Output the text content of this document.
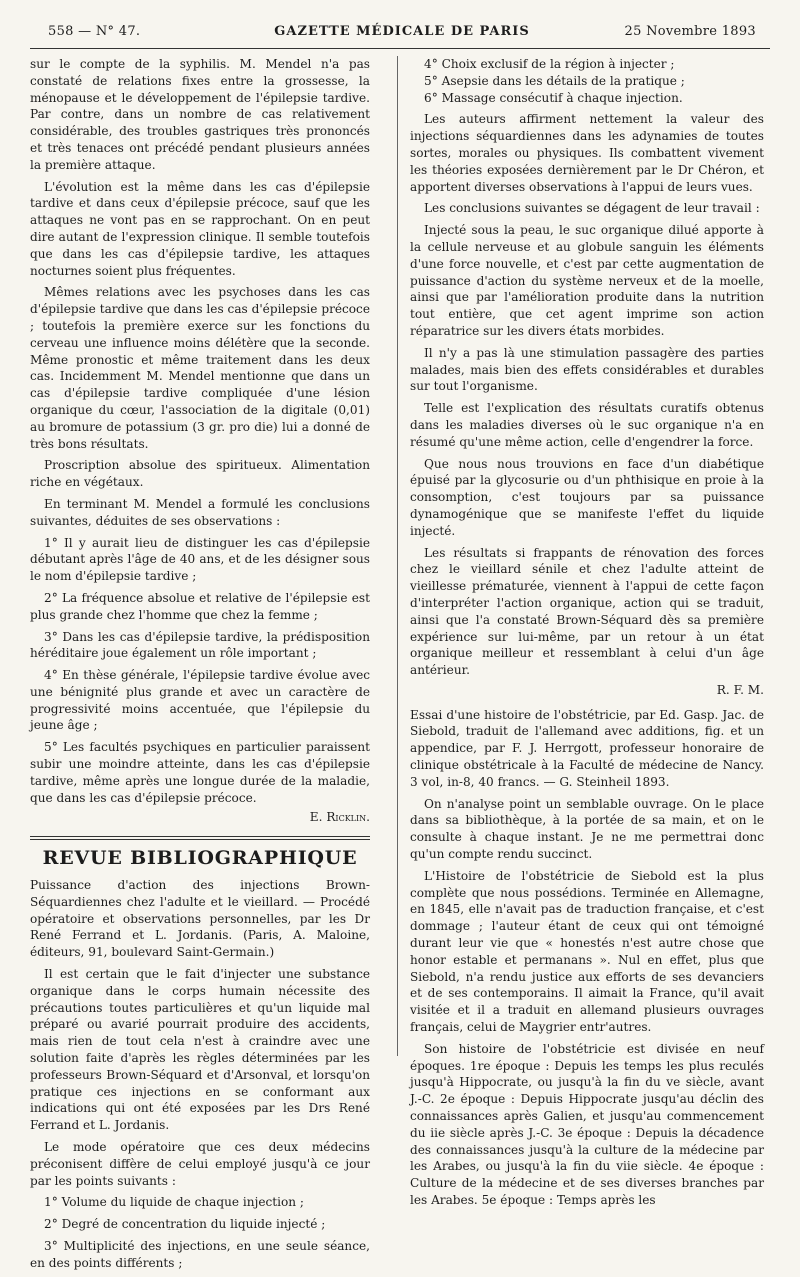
558 — N° 47.	GAZETTE MÉDICALE DE PARIS	25 Novembre 1893

sur le compte de la syphilis. M. Mendel n'a pas constaté de relations fixes entre la grossesse, la ménopause et le développement de l'épilepsie tardive. Par contre, dans un nombre de cas relativement considérable, des troubles gastriques très prononcés et très tenaces ont précédé pendant plusieurs années la première attaque.

L'évolution est la même dans les cas d'épilepsie tardive et dans ceux d'épilepsie précoce, sauf que les attaques ne vont pas en se rapprochant. On en peut dire autant de l'expression clinique. Il semble toutefois que dans les cas d'épilepsie tardive, les attaques nocturnes soient plus fréquentes.

Mêmes relations avec les psychoses dans les cas d'épilepsie tardive que dans les cas d'épilepsie précoce ; toutefois la première exerce sur les fonctions du cerveau une influence moins délétère que la seconde. Même pronostic et même traitement dans les deux cas. Incidemment M. Mendel mentionne que dans un cas d'épilepsie tardive compliquée d'une lésion organique du cœur, l'association de la digitale (0,01) au bromure de potassium (3 gr. pro die) lui a donné de très bons résultats.

Proscription absolue des spiritueux. Alimentation riche en végétaux.

En terminant M. Mendel a formulé les conclusions suivantes, déduites de ses observations :

1° Il y aurait lieu de distinguer les cas d'épilepsie débutant après l'âge de 40 ans, et de les désigner sous le nom d'épilepsie tardive ;

2° La fréquence absolue et relative de l'épilepsie est plus grande chez l'homme que chez la femme ;

3° Dans les cas d'épilepsie tardive, la prédisposition héréditaire joue également un rôle important ;

4° En thèse générale, l'épilepsie tardive évolue avec une bénignité plus grande et avec un caractère de progressivité moins accentuée, que l'épilepsie du jeune âge ;

5° Les facultés psychiques en particulier paraissent subir une moindre atteinte, dans les cas d'épilepsie tardive, même après une longue durée de la maladie, que dans les cas d'épilepsie précoce.

E. Ricklin.
REVUE BIBLIOGRAPHIQUE

Puissance d'action des injections Brown-Séquardiennes chez l'adulte et le vieillard. — Procédé opératoire et observations personnelles, par les Dr René Ferrand et L. Jordanis. (Paris, A. Maloine, éditeurs, 91, boulevard Saint-Germain.)

Il est certain que le fait d'injecter une substance organique dans le corps humain nécessite des précautions toutes particulières et qu'un liquide mal préparé ou avarié pourrait produire des accidents, mais rien de tout cela n'est à craindre avec une solution faite d'après les règles déterminées par les professeurs Brown-Séquard et d'Arsonval, et lorsqu'on pratique ces injections en se conformant aux indications qui ont été exposées par les Drs René Ferrand et L. Jordanis.

Le mode opératoire que ces deux médecins préconisent diffère de celui employé jusqu'à ce jour par les points suivants :

1° Volume du liquide de chaque injection ;

2° Degré de concentration du liquide injecté ;

3° Multiplicité des injections, en une seule séance, en des points différents ;

4° Choix exclusif de la région à injecter ;

5° Asepsie dans les détails de la pratique ;

6° Massage consécutif à chaque injection.

Les auteurs affirment nettement la valeur des injections séquardiennes dans les adynamies de toutes sortes, morales ou physiques. Ils combattent vivement les théories exposées dernièrement par le Dr Chéron, et apportent diverses observations à l'appui de leurs vues.

Les conclusions suivantes se dégagent de leur travail :

Injecté sous la peau, le suc organique dilué apporte à la cellule nerveuse et au globule sanguin les éléments d'une force nouvelle, et c'est par cette augmentation de puissance d'action du système nerveux et de la moelle, ainsi que par l'amélioration produite dans la nutrition tout entière, que cet agent imprime son action réparatrice sur les divers états morbides.

Il n'y a pas là une stimulation passagère des parties malades, mais bien des effets considérables et durables sur tout l'organisme.

Telle est l'explication des résultats curatifs obtenus dans les maladies diverses où le suc organique n'a en résumé qu'une même action, celle d'engendrer la force.

Que nous nous trouvions en face d'un diabétique épuisé par la glycosurie ou d'un phthisique en proie à la consomption, c'est toujours par sa puissance dynamogénique que se manifeste l'effet du liquide injecté.

Les résultats si frappants de rénovation des forces chez le vieillard sénile et chez l'adulte atteint de vieillesse prématurée, viennent à l'appui de cette façon d'interpréter l'action organique, action qui se traduit, ainsi que l'a constaté Brown-Séquard dès sa première expérience sur lui-même, par un retour à un état organique meilleur et ressemblant à celui d'un âge antérieur.

R. F. M.

Essai d'une histoire de l'obstétricie, par Ed. Gasp. Jac. de Siebold, traduit de l'allemand avec additions, fig. et un appendice, par F. J. Herrgott, professeur honoraire de clinique obstétricale à la Faculté de médecine de Nancy. 3 vol, in-8, 40 francs. — G. Steinheil 1893.

On n'analyse point un semblable ouvrage. On le place dans sa bibliothèque, à la portée de sa main, et on le consulte à chaque instant. Je ne me permettrai donc qu'un compte rendu succinct.

L'Histoire de l'obstétricie de Siebold est la plus complète que nous possédions. Terminée en Allemagne, en 1845, elle n'avait pas de traduction française, et c'est dommage ; l'auteur étant de ceux qui ont témoigné durant leur vie que « honestés n'est autre chose que honor estable et permanans ». Nul en effet, plus que Siebold, n'a rendu justice aux efforts de ses devanciers et de ses contemporains. Il aimait la France, qu'il avait visitée et il a traduit en allemand plusieurs ouvrages français, celui de Maygrier entr'autres.

Son histoire de l'obstétricie est divisée en neuf époques. 1re époque : Depuis les temps les plus reculés jusqu'à Hippocrate, ou jusqu'à la fin du ve siècle, avant J.-C. 2e époque : Depuis Hippocrate jusqu'au déclin des connaissances après Galien, et jusqu'au commencement du iie siècle après J.-C. 3e époque : Depuis la décadence des connaissances jusqu'à la culture de la médecine par les Arabes, ou jusqu'à la fin du viie siècle. 4e époque : Culture de la médecine et de ses diverses branches par les Arabes. 5e époque : Temps après les
